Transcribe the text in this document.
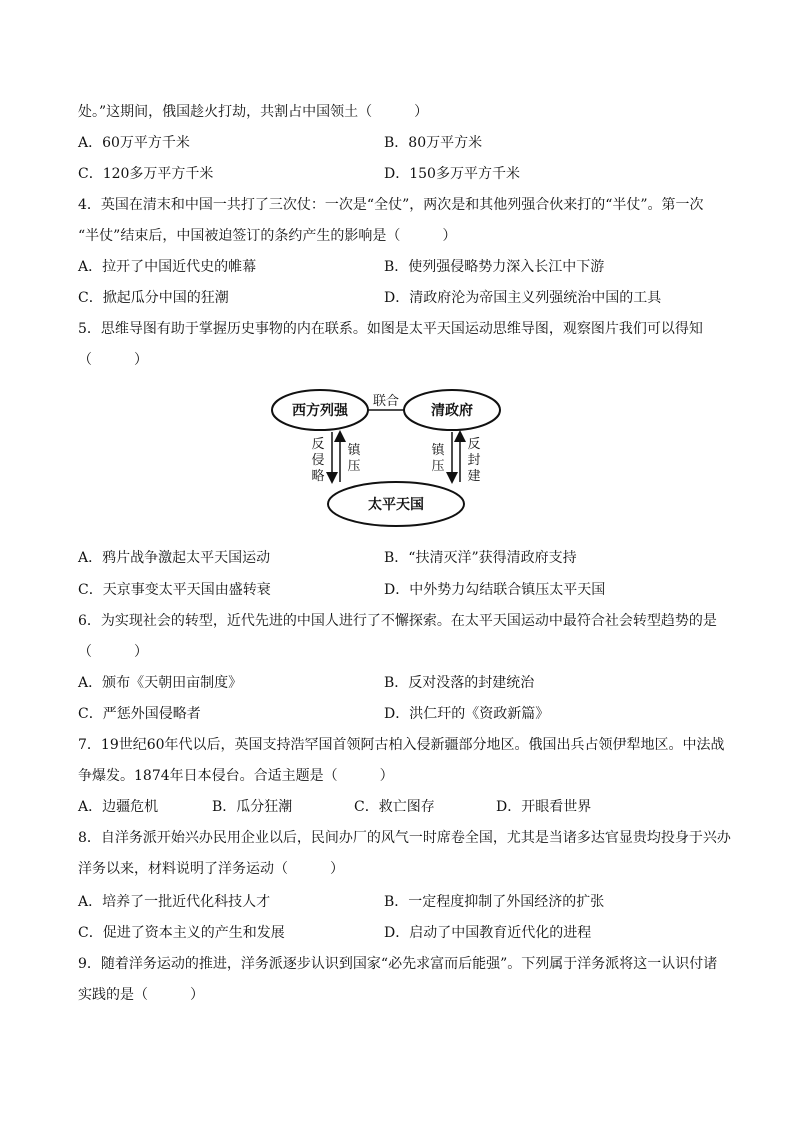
处。”这期间，俄国趁火打劫，共割占中国领土（　　　）
A．60万平方千米	B．80万平方米
C．120多万平方千米	D．150多万平方千米
4．英国在清末和中国一共打了三次仗：一次是“全仗”，两次是和其他列强合伙来打的“半仗”。第一次
“半仗”结束后，中国被迫签订的条约产生的影响是（　　　）
A．拉开了中国近代史的帷幕	B．使列强侵略势力深入长江中下游
C．掀起瓜分中国的狂潮	D．清政府沦为帝国主义列强统治中国的工具
5．思维导图有助于掌握历史事物的内在联系。如图是太平天国运动思维导图，观察图片我们可以得知
（　　　）
西方列强	清政府
太平天国
联合
反
侵
略
镇
压
镇
压
反
封
建
A．鸦片战争激起太平天国运动	B．“扶清灭洋”获得清政府支持
C．天京事变太平天国由盛转衰	D．中外势力勾结联合镇压太平天国
6．为实现社会的转型，近代先进的中国人进行了不懈探索。在太平天国运动中最符合社会转型趋势的是
（　　　）
A．颁布《天朝田亩制度》	B．反对没落的封建统治
C．严惩外国侵略者	D．洪仁玕的《资政新篇》
7．19世纪60年代以后，英国支持浩罕国首领阿古柏入侵新疆部分地区。俄国出兵占领伊犁地区。中法战
争爆发。1874年日本侵台。合适主题是（　　　）
A．边疆危机	B．瓜分狂潮	C．救亡图存	D．开眼看世界
8．自洋务派开始兴办民用企业以后，民间办厂的风气一时席卷全国，尤其是当诸多达官显贵均投身于兴办
洋务以来，材料说明了洋务运动（　　　）
A．培养了一批近代化科技人才	B．一定程度抑制了外国经济的扩张
C．促进了资本主义的产生和发展	D．启动了中国教育近代化的进程
9．随着洋务运动的推进，洋务派逐步认识到国家“必先求富而后能强”。下列属于洋务派将这一认识付诸
实践的是（　　　）
